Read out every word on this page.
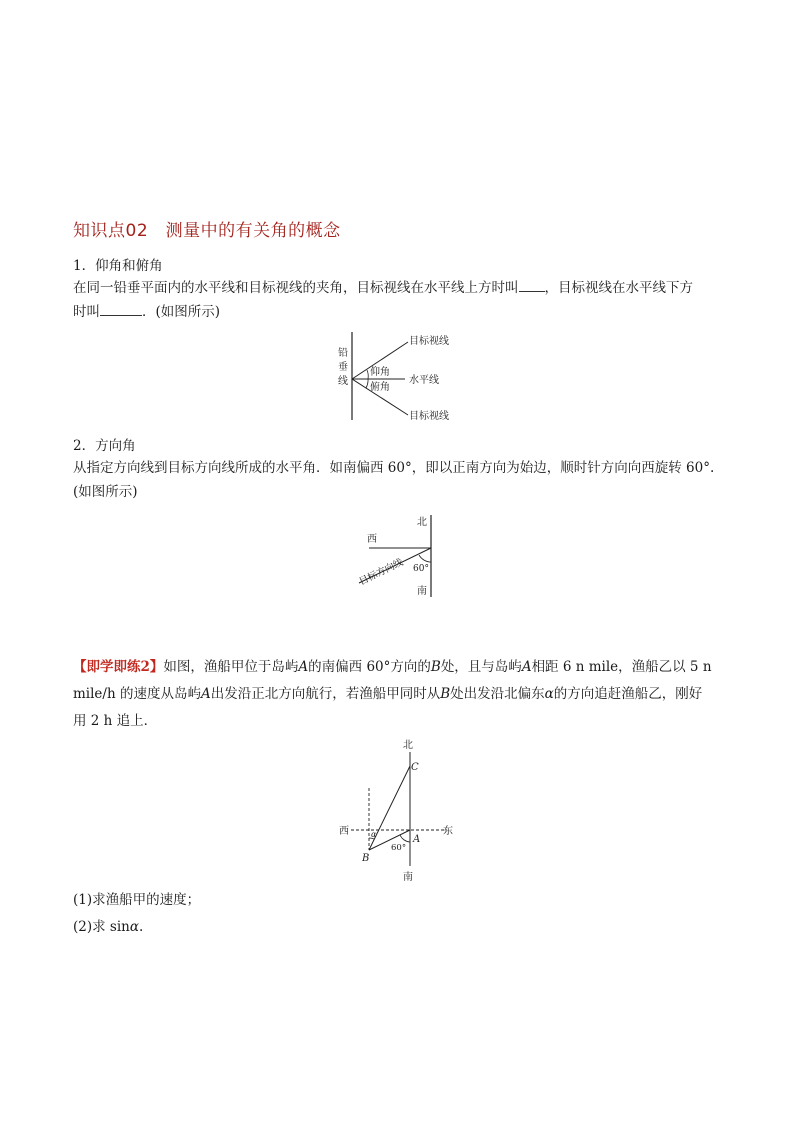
知识点02　测量中的有关角的概念
1．仰角和俯角
在同一铅垂平面内的水平线和目标视线的夹角，目标视线在水平线上方时叫 ，目标视线在水平线下方
时叫	．(如图所示)
铅
垂
线
目标视线
仰角
水平线
俯角
目标视线
2．方向角
从指定方向线到目标方向线所成的水平角．如南偏西 60°，即以正南方向为始边，顺时针方向向西旋转 60°.
(如图所示)
北
西
60°
目标方向线
南
【即学即练2】如图，渔船甲位于岛屿A的南偏西 60°方向的B处，且与岛屿A相距 6 n mile，渔船乙以 5 n
mile/h 的速度从岛屿A出发沿正北方向航行，若渔船甲同时从B处出发沿北偏东α的方向追赶渔船乙，刚好
用 2 h 追上．
北
C
西	东
α	A
60°
B
南
(1)求渔船甲的速度；
(2)求 sinα.
